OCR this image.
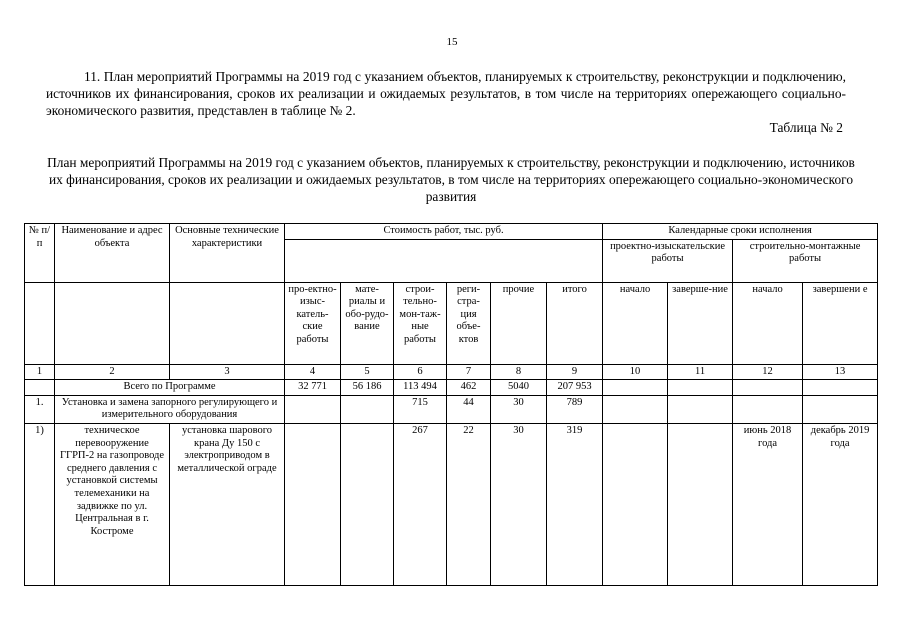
15
11. План мероприятий Программы на 2019 год с указанием объектов, планируемых к строительству, реконструкции и подключению, источников их финансирования, сроков их реализации и ожидаемых результатов, в том числе на территориях опережающего социально-экономического развития, представлен в таблице № 2.
Таблица № 2
План мероприятий Программы на 2019 год с указанием объектов, планируемых к строительству, реконструкции и подключению, источников их финансирования, сроков их реализации и ожидаемых результатов, в том числе на территориях опережающего социально-экономического развития
№ п/п	Наименование и адрес объекта	Основные технические характеристики	Стоимость работ, тыс. руб.						Календарные сроки исполнения			
									проектно-изыскательские работы		строительно-монтажные работы	

			про-ектно-изыс-катель-ские работы	мате-риалы и обо-рудо-вание	строи-тельно-мон-таж-ные работы	реги-стра-ция объе-ктов	прочие	итого	начало	заверше-ние	начало	завершени е
1	2	3	4	5	6	7	8	9	10	11	12	13
	Всего по Программе		32 771	56 186	113 494	462	5040	207 953				
1.	Установка и замена запорного регулирующего и измерительного оборудования				715	44	30	789				
1)	техническое перевооружение ГГРП-2 на газопроводе среднего давления с установкой системы телемеханики на задвижке по ул. Центральная в г. Костроме	установка шарового крана Ду 150 с электроприводом в металлической ограде			267	22	30	319			июнь 2018 года	декабрь 2019 года
